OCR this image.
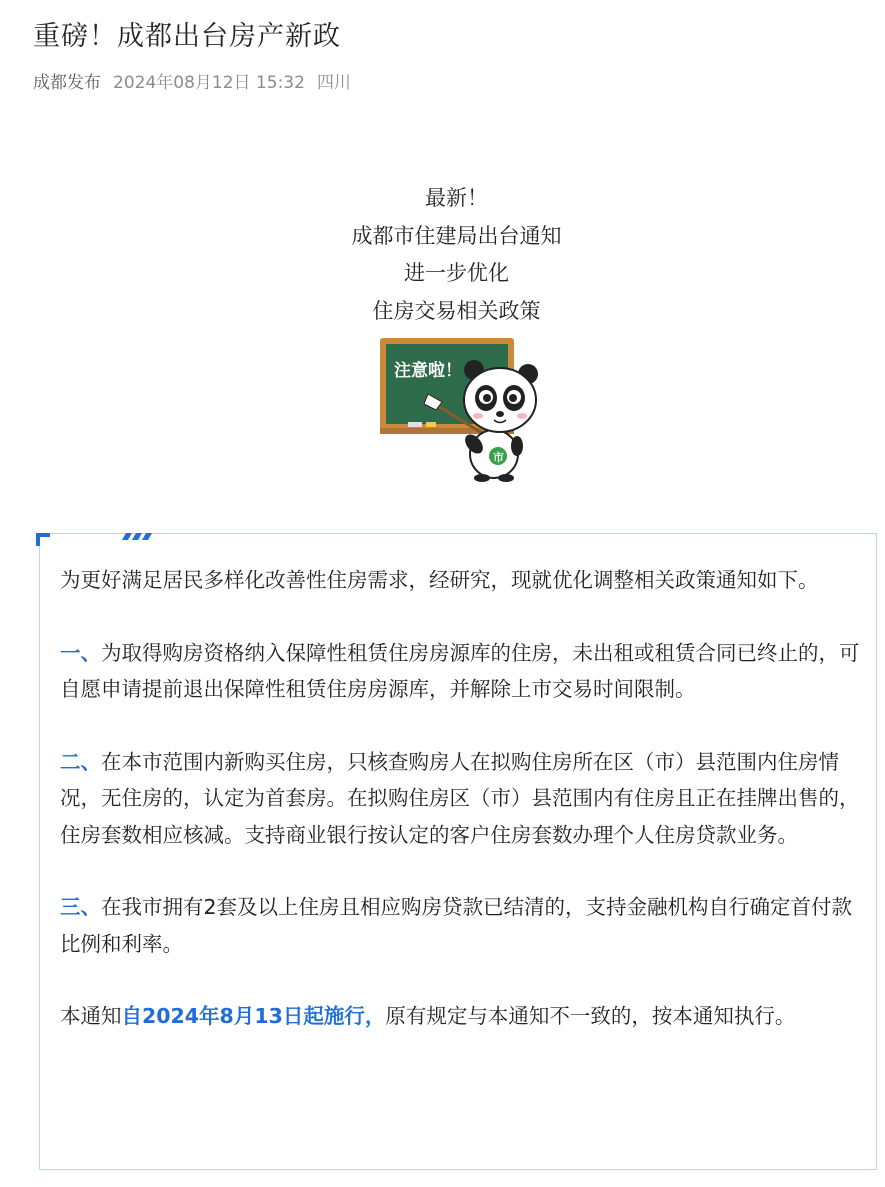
重磅！成都出台房产新政
成都发布 2024年08月12日 15:32 四川
最新！
成都市住建局出台通知
进一步优化
住房交易相关政策
注意啦！
市

为更好满足居民多样化改善性住房需求，经研究，现就优化调整相关政策通知如下。

一、为取得购房资格纳入保障性租赁住房房源库的住房，未出租或租赁合同已终止的，可自愿申请提前退出保障性租赁住房房源库，并解除上市交易时间限制。

二、在本市范围内新购买住房，只核查购房人在拟购住房所在区（市）县范围内住房情况，无住房的，认定为首套房。在拟购住房区（市）县范围内有住房且正在挂牌出售的，住房套数相应核减。支持商业银行按认定的客户住房套数办理个人住房贷款业务。

三、在我市拥有2套及以上住房且相应购房贷款已结清的，支持金融机构自行确定首付款比例和利率。

本通知自2024年8月13日起施行，原有规定与本通知不一致的，按本通知执行。
